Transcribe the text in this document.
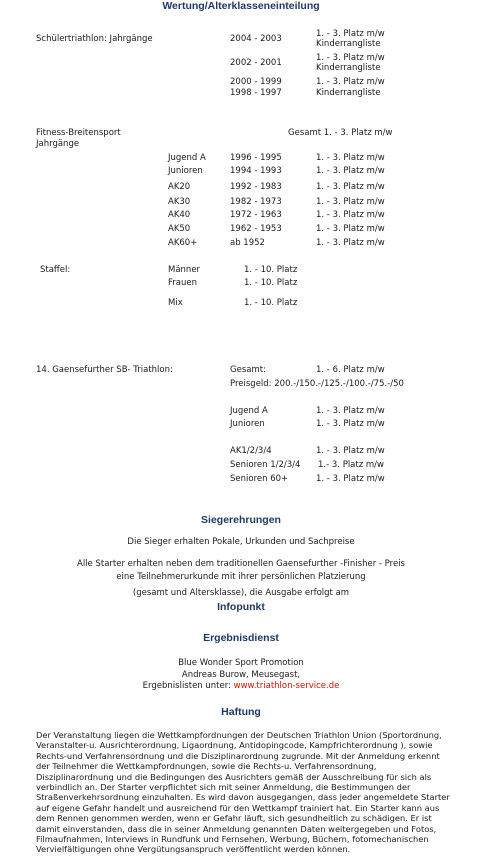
Wertung/Alterklasseneinteilung
Schülertriathlon: Jahrgänge	2004 - 2003	1. - 3. Platz m/w
Kinderrangliste
2002 - 2001	1. - 3. Platz m/w
Kinderrangliste
2000 - 1999	1. - 3. Platz m/w
1998 - 1997	Kinderrangliste
Fitness-Breitensport
Jahrgänge
Gesamt 1. - 3. Platz m/w
Jugend A	1996 - 1995	1. - 3. Platz m/w
Junioren	1994 - 1993	1. - 3. Platz m/w
AK20	1992 - 1983	1. - 3. Platz m/w
AK30	1982 - 1973	1. - 3. Platz m/w
AK40	1972 - 1963	1. - 3. Platz m/w
AK50	1962 - 1953	1. - 3. Platz m/w
AK60+	ab 1952	1. - 3. Platz m/w
Staffel:	Männer	1. - 10. Platz
Frauen	1. - 10. Platz
Mix	1. - 10. Platz
14. Gaensefurther SB- Triathlon:	Gesamt:	1. - 6. Platz m/w
Preisgeld: 200.-/150.-/125.-/100.-/75.-/50
Jugend A	1. - 3. Platz m/w
Junioren	1. - 3. Platz m/w
AK1/2/3/4	1. - 3. Platz m/w
Senioren 1/2/3/4 1.- 3. Platz m/w
Senioren 60+	1. - 3. Platz m/w
Siegerehrungen
Die Sieger erhalten Pokale, Urkunden und Sachpreise
Alle Starter erhalten neben dem traditionellen Gaensefurther -Finisher - Preis
eine Teilnehmerurkunde mit ihrer persönlichen Platzierung
(gesamt und Altersklasse), die Ausgabe erfolgt am
Infopunkt
Ergebnisdienst
Blue Wonder Sport Promotion
Andreas Burow, Meusegast,
Ergebnislisten unter: www.triathlon-service.de
Haftung
Der Veranstaltung liegen die Wettkampfordnungen der Deutschen Triathlon Union (Sportordnung, Veranstalter-u. Ausrichterordnung, Ligaordnung, Antidopingcode, Kampfrichterordnung ), sowie Rechts-und Verfahrensordnung und die Disziplinarordnung zugrunde. Mit der Anmeldung erkennt der Teilnehmer die Wettkampfordnungen, sowie die Rechts-u. Verfahrensordnung, Disziplinarordnung und die Bedingungen des Ausrichters gemäß der Ausschreibung für sich als verbindlich an. Der Starter verpflichtet sich mit seiner Anmeldung, die Bestimmungen der Straßenverkehrsordnung einzuhalten. Es wird davon ausgegangen, dass jeder angemeldete Starter auf eigene Gefahr handelt und ausreichend für den Wettkampf trainiert hat. Ein Starter kann aus dem Rennen genommen werden, wenn er Gefahr läuft, sich gesundheitlich zu schädigen. Er ist damit einverstanden, dass die in seiner Anmeldung genannten Daten weitergegeben und Fotos, Filmaufnahmen, Interviews in Rundfunk und Fernsehen, Werbung, Büchern, fotomechanischen Vervielfältigungen ohne Vergütungsanspruch veröffentlicht werden können.
